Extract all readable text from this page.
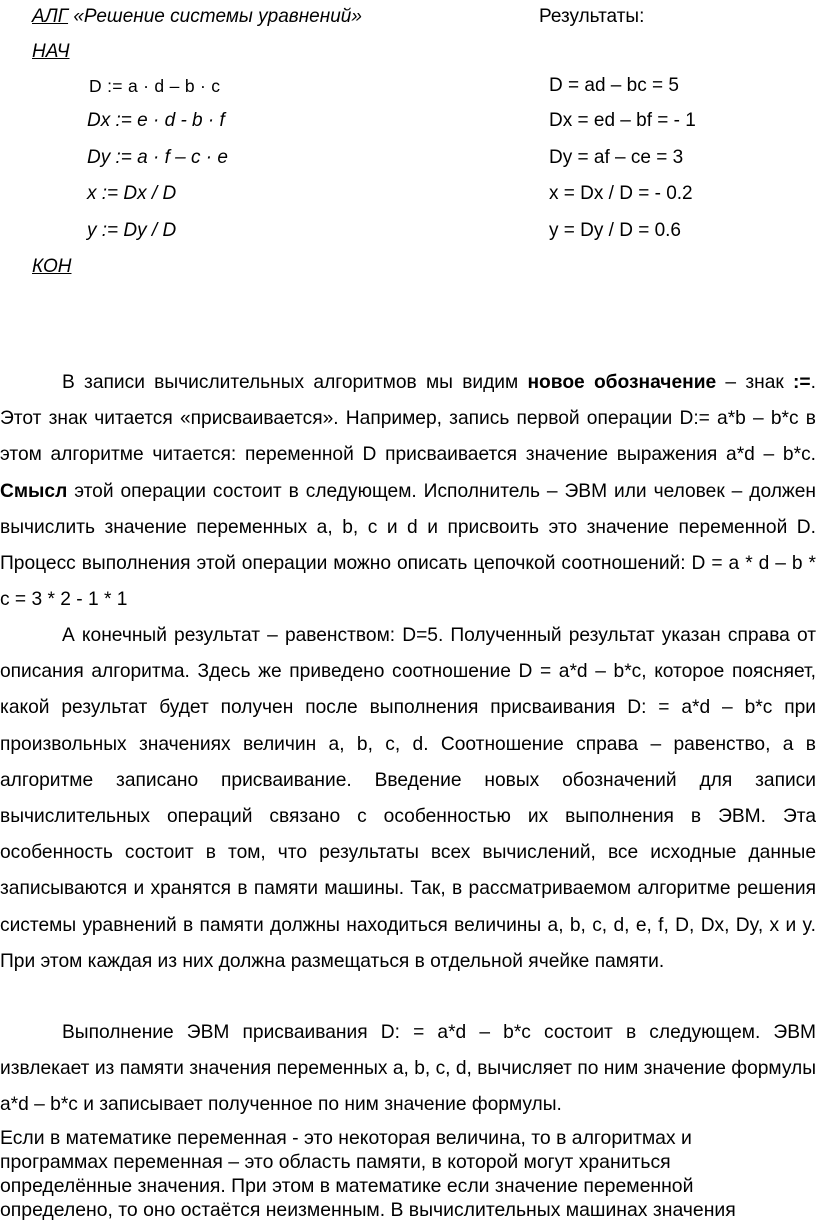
АЛГ «Решение системы уравнений»
НАЧ
D := a · d – b · c
Dx := e · d - b · f
Dy := a · f – c · e
x := Dx / D
y := Dy / D
КОН
Результаты:
D = ad – bc = 5
Dx = ed – bf = - 1
Dy = af – ce = 3
x = Dx / D = - 0.2
y = Dy / D = 0.6

В записи вычислительных алгоритмов мы видим новое обозначение – знак :=. Этот знак читается «присваивается». Например, запись первой операции D:= a*b – b*c в этом алгоритме читается: переменной D присваивается значение выражения a*d – b*c. Смысл этой операции состоит в следующем. Исполнитель – ЭВМ или человек – должен вычислить значение переменных a, b, c и d и присвоить это значение переменной D. Процесс выполнения этой операции можно описать цепочкой соотношений: D = a * d – b * c = 3 * 2 - 1 * 1

А конечный результат – равенством: D=5. Полученный результат указан справа от описания алгоритма. Здесь же приведено соотношение D = a*d – b*c, которое поясняет, какой результат будет получен после выполнения присваивания D: = a*d – b*c при произвольных значениях величин a, b, c, d. Соотношение справа – равенство, а в алгоритме записано присваивание. Введение новых обозначений для записи вычислительных операций связано с особенностью их выполнения в ЭВМ. Эта особенность состоит в том, что результаты всех вычислений, все исходные данные записываются и хранятся в памяти машины. Так, в рассматриваемом алгоритме решения системы уравнений в памяти должны находиться величины a, b, c, d, e, f, D, Dx, Dy, x и y. При этом каждая из них должна размещаться в отдельной ячейке памяти.

Выполнение ЭВМ присваивания D: = a*d – b*c состоит в следующем. ЭВМ извлекает из памяти значения переменных a, b, c, d, вычисляет по ним значение формулы a*d – b*c и записывает полученное по ним значение формулы.

Если в математике переменная - это некоторая величина, то в алгоритмах и программах переменная – это область памяти, в которой могут храниться определённые значения. При этом в математике если значение переменной определено, то оно остаётся неизменным. В вычислительных машинах значения
